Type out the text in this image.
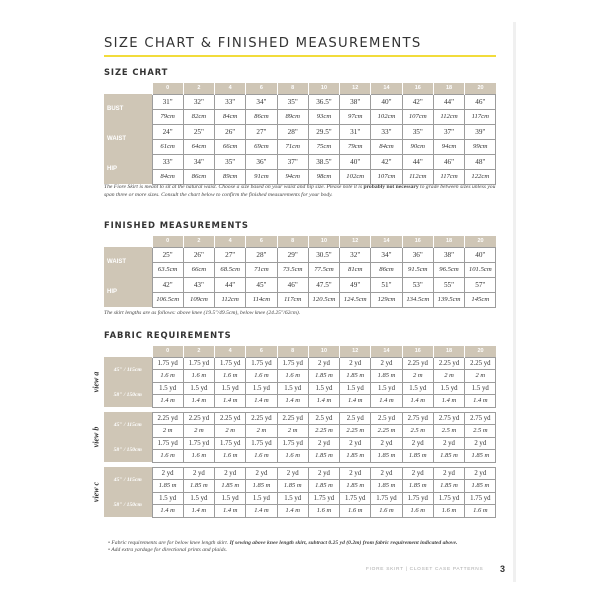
SIZE CHART & FINISHED MEASUREMENTS
SIZE CHART
	0	2	4	6	8	10	12	14	16	18	20
BUST	31"	32"	33"	34"	35"	36.5"	38"	40"	42"	44"	46"
	79cm	82cm	84cm	86cm	89cm	93cm	97cm	102cm	107cm	112cm	117cm
WAIST	24"	25"	26"	27"	28"	29.5"	31"	33"	35"	37"	39"
	61cm	64cm	66cm	69cm	71cm	75cm	79cm	84cm	90cm	94cm	99cm
HIP	33"	34"	35"	36"	37"	38.5"	40"	42"	44"	46"	48"
	84cm	86cm	89cm	91cm	94cm	98cm	102cm	107cm	112cm	117cm	122cm
The Fiore Skirt is meant to sit at the natural waist. Choose a size based on your waist and hip size. Please note it is probably not necessary to grade between sizes unless you span three or more sizes. Consult the chart below to confirm the finished measurements for your body.
FINISHED MEASUREMENTS
	0	2	4	6	8	10	12	14	16	18	20
WAIST	25"	26"	27"	28"	29"	30.5"	32"	34"	36"	38"	40"
	63.5cm	66cm	68.5cm	71cm	73.5cm	77.5cm	81cm	86cm	91.5cm	96.5cm	101.5cm
HIP	42"	43"	44"	45"	46"	47.5"	49"	51"	53"	55"	57"
	106.5cm	109cm	112cm	114cm	117cm	120.5cm	124.5cm	129cm	134.5cm	139.5cm	145cm
The skirt lengths are as follows: above knee (19.5"/49.5cm), below knee (24.25"/62cm).
FABRIC REQUIREMENTS
		0	2	4	6	8	10	12	14	16	18	20

view a	45" / 115cm	1.75 yd	1.75 yd	1.75 yd	1.75 yd	1.75 yd	2 yd	2 yd	2 yd	2.25 yd	2.25 yd	2.25 yd
		1.6 m	1.6 m	1.6 m	1.6 m	1.6 m	1.85 m	1.85 m	1.85 m	2 m	2 m	2 m
	58" / 150cm	1.5 yd	1.5 yd	1.5 yd	1.5 yd	1.5 yd	1.5 yd	1.5 yd	1.5 yd	1.5 yd	1.5 yd	1.5 yd
		1.4 m	1.4 m	1.4 m	1.4 m	1.4 m	1.4 m	1.4 m	1.4 m	1.4 m	1.4 m	1.4 m

view b	45" / 115cm	2.25 yd	2.25 yd	2.25 yd	2.25 yd	2.25 yd	2.5 yd	2.5 yd	2.5 yd	2.75 yd	2.75 yd	2.75 yd
		2 m	2 m	2 m	2 m	2 m	2.25 m	2.25 m	2.25 m	2.5 m	2.5 m	2.5 m
	58" / 150cm	1.75 yd	1.75 yd	1.75 yd	1.75 yd	1.75 yd	2 yd	2 yd	2 yd	2 yd	2 yd	2 yd
		1.6 m	1.6 m	1.6 m	1.6 m	1.6 m	1.85 m	1.85 m	1.85 m	1.85 m	1.85 m	1.85 m

view c	45" / 115cm	2 yd	2 yd	2 yd	2 yd	2 yd	2 yd	2 yd	2 yd	2 yd	2 yd	2 yd
		1.85 m	1.85 m	1.85 m	1.85 m	1.85 m	1.85 m	1.85 m	1.85 m	1.85 m	1.85 m	1.85 m
	58" / 150cm	1.5 yd	1.5 yd	1.5 yd	1.5 yd	1.5 yd	1.75 yd	1.75 yd	1.75 yd	1.75 yd	1.75 yd	1.75 yd
		1.4 m	1.4 m	1.4 m	1.4 m	1.4 m	1.6 m	1.6 m	1.6 m	1.6 m	1.6 m	1.6 m
• Fabric requirements are for below knee length skirt. If sewing above knee length skirt, subtract 0.25 yd (0.2m) from fabric requirement indicated above.
• Add extra yardage for directional prints and plaids.
FIORE SKIRT | CLOSET CASE PATTERNS 3
